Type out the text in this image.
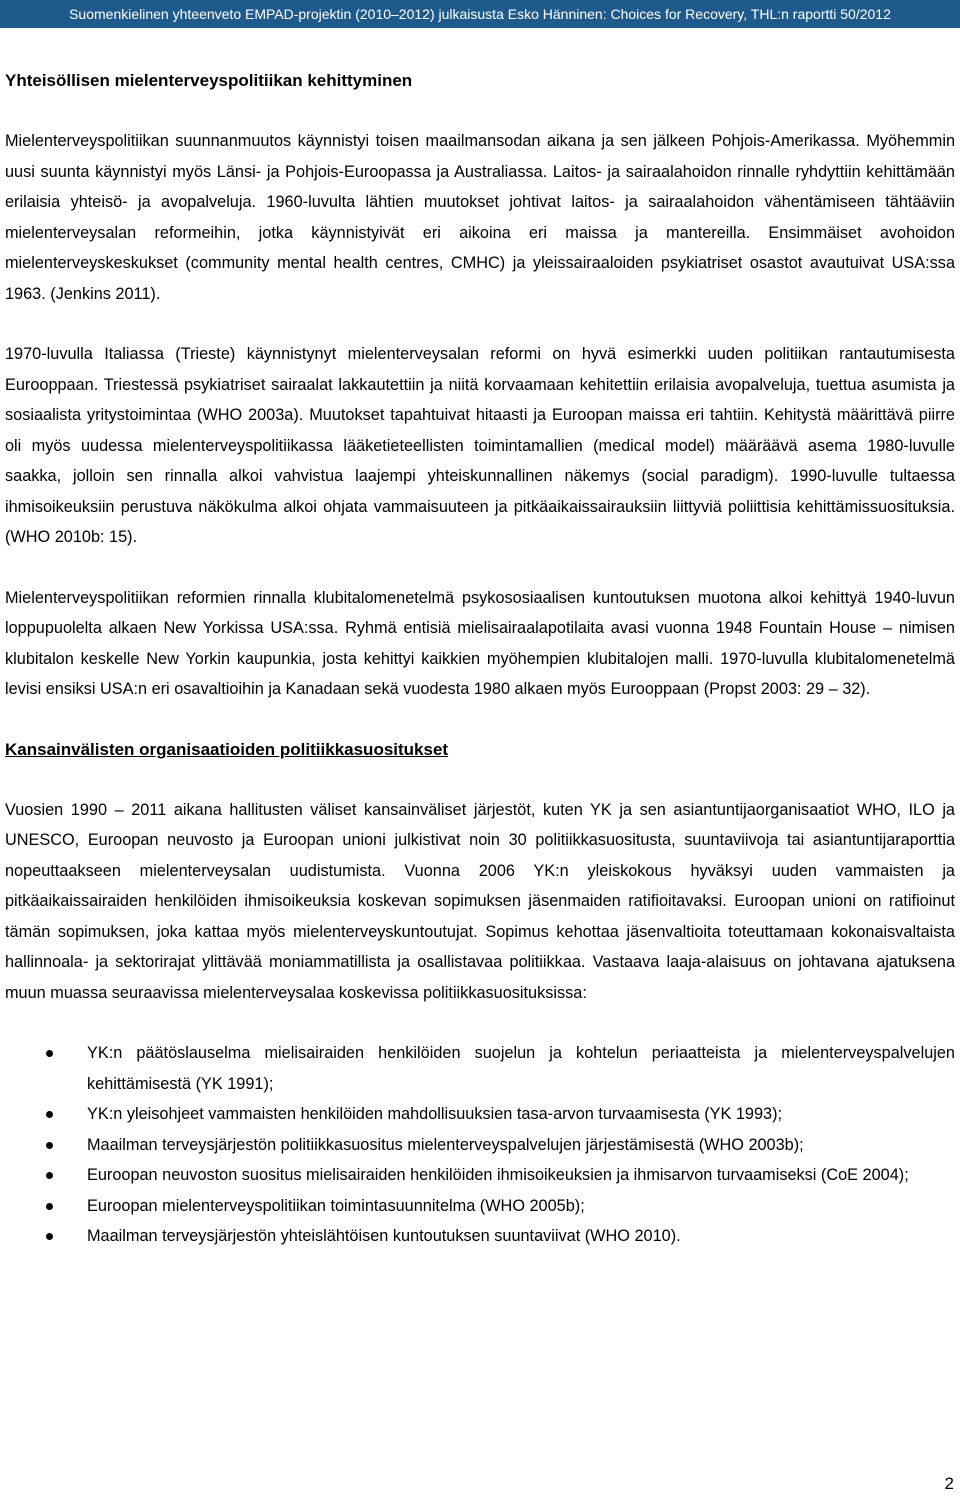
Suomenkielinen yhteenveto EMPAD-projektin (2010–2012) julkaisusta Esko Hänninen: Choices for Recovery, THL:n raportti 50/2012
Yhteisöllisen mielenterveyspolitiikan kehittyminen

Mielenterveyspolitiikan suunnanmuutos käynnistyi toisen maailmansodan aikana ja sen jälkeen Pohjois-Amerikassa. Myöhemmin uusi suunta käynnistyi myös Länsi- ja Pohjois-Euroopassa ja Australiassa. Laitos- ja sairaalahoidon rinnalle ryhdyttiin kehittämään erilaisia yhteisö- ja avopalveluja. 1960-luvulta lähtien muutokset johtivat laitos- ja sairaalahoidon vähentämiseen tähtääviin mielenterveysalan reformeihin, jotka käynnistyivät eri aikoina eri maissa ja mantereilla. Ensimmäiset avohoidon mielenterveyskeskukset (community mental health centres, CMHC) ja yleissairaaloiden psykiatriset osastot avautuivat USA:ssa 1963. (Jenkins 2011).

1970-luvulla Italiassa (Trieste) käynnistynyt mielenterveysalan reformi on hyvä esimerkki uuden politiikan rantautumisesta Eurooppaan. Triestessä psykiatriset sairaalat lakkautettiin ja niitä korvaamaan kehitettiin erilaisia avopalveluja, tuettua asumista ja sosiaalista yritystoimintaa (WHO 2003a). Muutokset tapahtuivat hitaasti ja Euroopan maissa eri tahtiin. Kehitystä määrittävä piirre oli myös uudessa mielenterveyspolitiikassa lääketieteellisten toimintamallien (medical model) määräävä asema 1980-luvulle saakka, jolloin sen rinnalla alkoi vahvistua laajempi yhteiskunnallinen näkemys (social paradigm). 1990-luvulle tultaessa ihmisoikeuksiin perustuva näkökulma alkoi ohjata vammaisuuteen ja pitkäaikaissairauksiin liittyviä poliittisia kehittämissuosituksia. (WHO 2010b: 15).

Mielenterveyspolitiikan reformien rinnalla klubitalomenetelmä psykososiaalisen kuntoutuksen muotona alkoi kehittyä 1940-luvun loppupuolelta alkaen New Yorkissa USA:ssa. Ryhmä entisiä mielisairaalapotilaita avasi vuonna 1948 Fountain House – nimisen klubitalon keskelle New Yorkin kaupunkia, josta kehittyi kaikkien myöhempien klubitalojen malli. 1970-luvulla klubitalomenetelmä levisi ensiksi USA:n eri osavaltioihin ja Kanadaan sekä vuodesta 1980 alkaen myös Eurooppaan (Propst 2003: 29 – 32).

Kansainvälisten organisaatioiden politiikkasuositukset

Vuosien 1990 – 2011 aikana hallitusten väliset kansainväliset järjestöt, kuten YK ja sen asiantuntijaorganisaatiot WHO, ILO ja UNESCO, Euroopan neuvosto ja Euroopan unioni julkistivat noin 30 politiikkasuositusta, suuntaviivoja tai asiantuntijaraporttia nopeuttaakseen mielenterveysalan uudistumista. Vuonna 2006 YK:n yleiskokous hyväksyi uuden vammaisten ja pitkäaikaissairaiden henkilöiden ihmisoikeuksia koskevan sopimuksen jäsenmaiden ratifioitavaksi. Euroopan unioni on ratifioinut tämän sopimuksen, joka kattaa myös mielenterveyskuntoutujat. Sopimus kehottaa jäsenvaltioita toteuttamaan kokonaisvaltaista hallinnoala- ja sektorirajat ylittävää moniammatillista ja osallistavaa politiikkaa. Vastaava laaja-alaisuus on johtavana ajatuksena muun muassa seuraavissa mielenterveysalaa koskevissa politiikkasuosituksissa:

YK:n päätöslauselma mielisairaiden henkilöiden suojelun ja kohtelun periaatteista ja mielenterveyspalvelujen kehittämisestä (YK 1991);
YK:n yleisohjeet vammaisten henkilöiden mahdollisuuksien tasa-arvon turvaamisesta (YK 1993);
Maailman terveysjärjestön politiikkasuositus mielenterveyspalvelujen järjestämisestä (WHO 2003b);
Euroopan neuvoston suositus mielisairaiden henkilöiden ihmisoikeuksien ja ihmisarvon turvaamiseksi (CoE 2004);
Euroopan mielenterveyspolitiikan toimintasuunnitelma (WHO 2005b);
Maailman terveysjärjestön yhteislähtöisen kuntoutuksen suuntaviivat (WHO 2010).
2
